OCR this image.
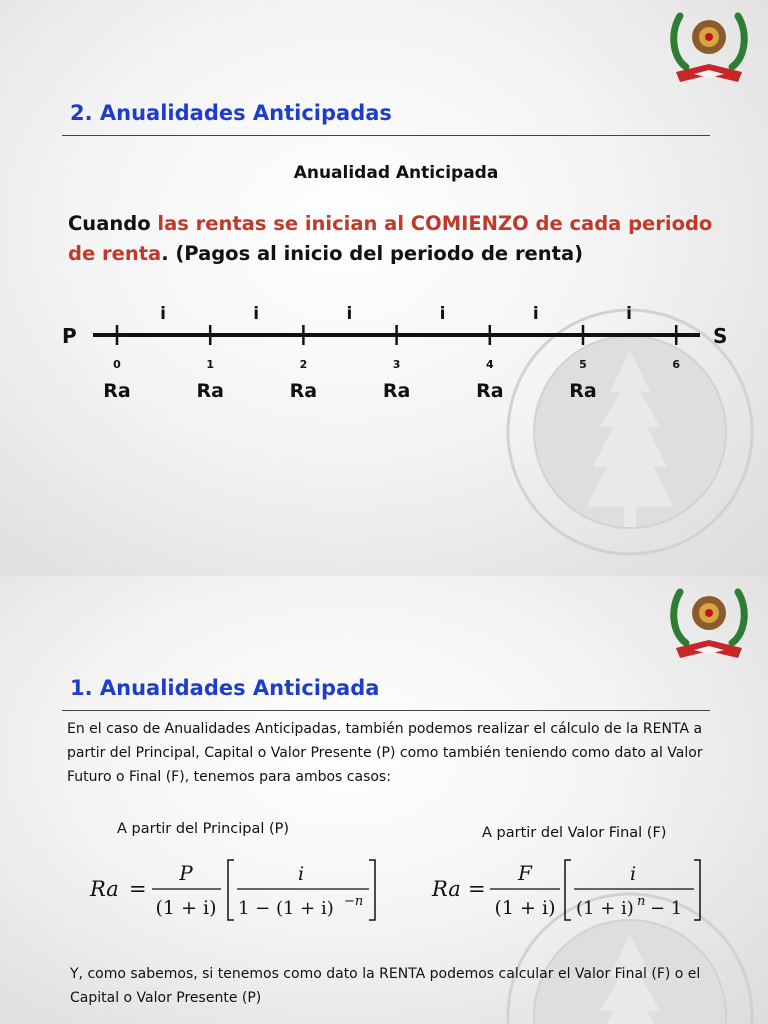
2. Anualidades Anticipadas
Anualidad Anticipada

Cuando las rentas se inician al COMIENZO de cada periodo de renta. (Pagos al inicio del periodo de renta)

P	S
0
i
Ra
1
i
Ra
2
i
Ra
3
i
Ra
4
i
Ra
5
i
Ra
6
1. Anualidades Anticipada

En el caso de Anualidades Anticipadas, también podemos realizar el cálculo de la RENTA a partir del Principal, Capital o Valor Presente (P) como también teniendo como dato al Valor Futuro o Final (F), tenemos para ambos casos:

A partir del Principal (P)	A partir del Valor Final (F)
Ra =
P
(1 + i)
i
1 − (1 + i) −n
Ra =
F
(1 + i)
i
(1 + i) n − 1

Y, como sabemos, si tenemos como dato la RENTA podemos calcular el Valor Final (F) o el Capital o Valor Presente (P)
